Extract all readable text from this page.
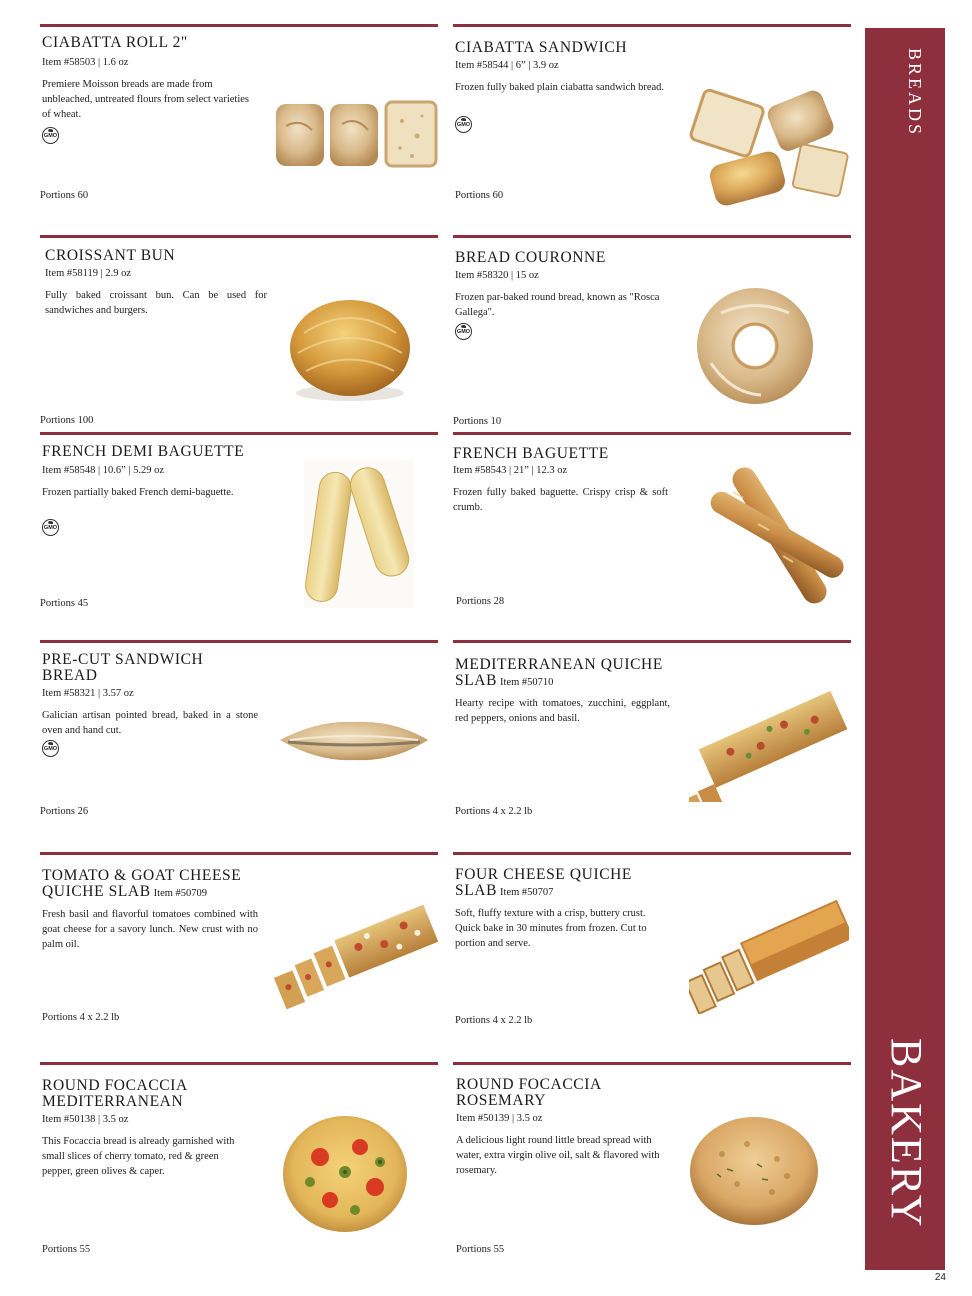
CIABATTA ROLL 2"
Item #58503 | 1.6 oz
Premiere Moisson breads are made from unbleached, untreated flours from select varieties of wheat.
GMO
Portions 60
CIABATTA SANDWICH
Item #58544 | 6” | 3.9 oz
Frozen fully baked plain ciabatta sandwich bread.
GMO
Portions 60
CROISSANT BUN
Item #58119 | 2.9 oz
Fully baked croissant bun. Can be used for sandwiches and burgers.
Portions 100
BREAD COURONNE
Item #58320 | 15 oz
Frozen par-baked round bread, known as "Rosca Gallega".
GMO
Portions 10
FRENCH DEMI BAGUETTE
Item #58548 | 10.6” | 5.29 oz
Frozen partially baked French demi-baguette.
GMO
Portions 45
FRENCH BAGUETTE
Item #58543 | 21” | 12.3 oz
Frozen fully baked baguette. Crispy crisp & soft crumb.
Portions 28
PRE-CUT SANDWICH BREAD
Item #58321 | 3.57 oz
Galician artisan pointed bread, baked in a stone oven and hand cut.
GMO
Portions 26
MEDITERRANEAN QUICHE SLAB Item #50710
Hearty recipe with tomatoes, zucchini, eggplant, red peppers, onions and basil.
Portions 4 x 2.2 lb
TOMATO & GOAT CHEESE QUICHE SLAB Item #50709
Fresh basil and flavorful tomatoes combined with goat cheese for a savory lunch. New crust with no palm oil.
Portions 4 x 2.2 lb
FOUR CHEESE QUICHE SLAB Item #50707
Soft, fluffy texture with a crisp, buttery crust. Quick bake in 30 minutes from frozen. Cut to portion and serve.
Portions 4 x 2.2 lb
ROUND FOCACCIA MEDITERRANEAN
Item #50138 | 3.5 oz
This Focaccia bread is already garnished with small slices of cherry tomato, red & green pepper, green olives & caper.
Portions 55
ROUND FOCACCIA ROSEMARY
Item #50139 | 3.5 oz
A delicious light round little bread spread with water, extra virgin olive oil, salt & flavored with rosemary.
Portions 55
BREADS
BAKERY
24
